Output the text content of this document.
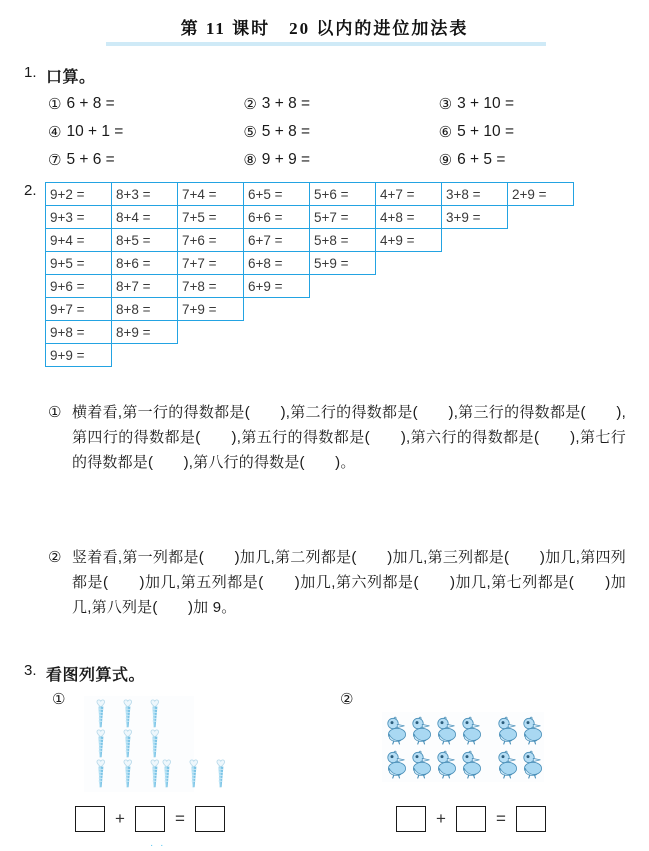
第 11 课时　20 以内的进位加法表
1. 口算。
① 6 + 8 =	② 3 + 8 =	③ 3 + 10 =
④ 10 + 1 =	⑤ 5 + 8 =	⑥ 5 + 10 =
⑦ 5 + 6 =	⑧ 9 + 9 =	⑨ 6 + 5 =
2. 9+2 =	8+3 =	7+4 =	6+5 =	5+6 =	4+7 =	3+8 =	2+9 =
9+3 =	8+4 =	7+5 =	6+6 =	5+7 =	4+8 =	3+9 =
9+4 =	8+5 =	7+6 =	6+7 =	5+8 =	4+9 =
9+5 =	8+6 =	7+7 =	6+8 =	5+9 =
9+6 =	8+7 =	7+8 =	6+9 =
9+7 =	8+8 =	7+9 =
9+8 =	8+9 =
9+9 =
① 横着看,第一行的得数都是(　　),第二行的得数都是(　　),第三行的得数都是(　　),第四行的得数都是(　　),第五行的得数都是(　　),第六行的得数都是(　　),第七行的得数都是(　　),第八行的得数是(　　)。
② 竖着看,第一列都是(　　)加几,第二列都是(　　)加几,第三列都是(　　)加几,第四列都是(　　)加几,第五列都是(　　)加几,第六列都是(　　)加几,第七列都是(　　)加几,第八列是(　　)加 9。
3. 看图列算式。
①	②
+	=	+	=
· ·
